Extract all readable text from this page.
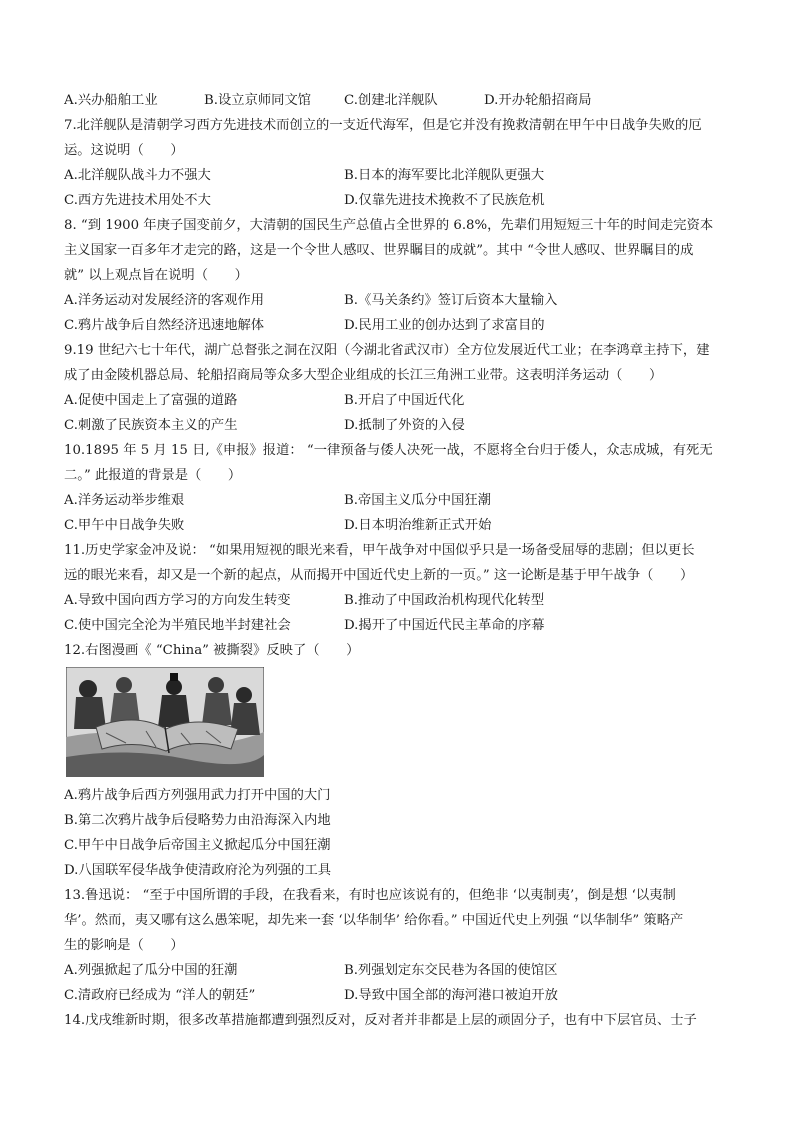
A.兴办船舶工业	B.设立京师同文馆	C.创建北洋舰队	D.开办轮船招商局
7.北洋舰队是清朝学习西方先进技术而创立的一支近代海军，但是它并没有挽救清朝在甲午中日战争失败的厄
运。这说明（　　）
A.北洋舰队战斗力不强大	B.日本的海军要比北洋舰队更强大
C.西方先进技术用处不大	D.仅靠先进技术挽救不了民族危机
8. “到 1900 年庚子国变前夕，大清朝的国民生产总值占全世界的 6.8%，先辈们用短短三十年的时间走完资本
主义国家一百多年才走完的路，这是一个令世人感叹、世界瞩目的成就”。其中 “令世人感叹、世界瞩目的成
就” 以上观点旨在说明（　　）
A.洋务运动对发展经济的客观作用	B.《马关条约》签订后资本大量输入
C.鸦片战争后自然经济迅速地解体	D.民用工业的创办达到了求富目的
9.19 世纪六七十年代，湖广总督张之洞在汉阳（今湖北省武汉市）全方位发展近代工业；在李鸿章主持下，建
成了由金陵机器总局、轮船招商局等众多大型企业组成的长江三角洲工业带。这表明洋务运动（　　）
A.促使中国走上了富强的道路	B.开启了中国近代化
C.刺激了民族资本主义的产生	D.抵制了外资的入侵
10.1895 年 5 月 15 日,《申报》报道： “一律预备与倭人决死一战，不愿将全台归于倭人，众志成城，有死无
二。” 此报道的背景是（　　）
A.洋务运动举步维艰	B.帝国主义瓜分中国狂潮
C.甲午中日战争失败	D.日本明治维新正式开始
11.历史学家金冲及说： “如果用短视的眼光来看，甲午战争对中国似乎只是一场备受屈辱的悲剧；但以更长
远的眼光来看，却又是一个新的起点，从而揭开中国近代史上新的一页。” 这一论断是基于甲午战争（　　）
A.导致中国向西方学习的方向发生转变	B.推动了中国政治机构现代化转型
C.使中国完全沦为半殖民地半封建社会	D.揭开了中国近代民主革命的序幕
12.右图漫画《 “China” 被撕裂》反映了（　　）
A.鸦片战争后西方列强用武力打开中国的大门
B.第二次鸦片战争后侵略势力由沿海深入内地
C.甲午中日战争后帝国主义掀起瓜分中国狂潮
D.八国联军侵华战争使清政府沦为列强的工具
13.鲁迅说： “至于中国所谓的手段，在我看来，有时也应该说有的，但绝非 ‘以夷制夷’，倒是想 ‘以夷制
华’。然而，夷又哪有这么愚笨呢，却先来一套 ‘以华制华’ 给你看。” 中国近代史上列强 “以华制华” 策略产
生的影响是（　　）
A.列强掀起了瓜分中国的狂潮	B.列强划定东交民巷为各国的使馆区
C.清政府已经成为 “洋人的朝廷”	D.导致中国全部的海河港口被迫开放
14.戊戌维新时期，很多改革措施都遭到强烈反对，反对者并非都是上层的顽固分子，也有中下层官员、士子
